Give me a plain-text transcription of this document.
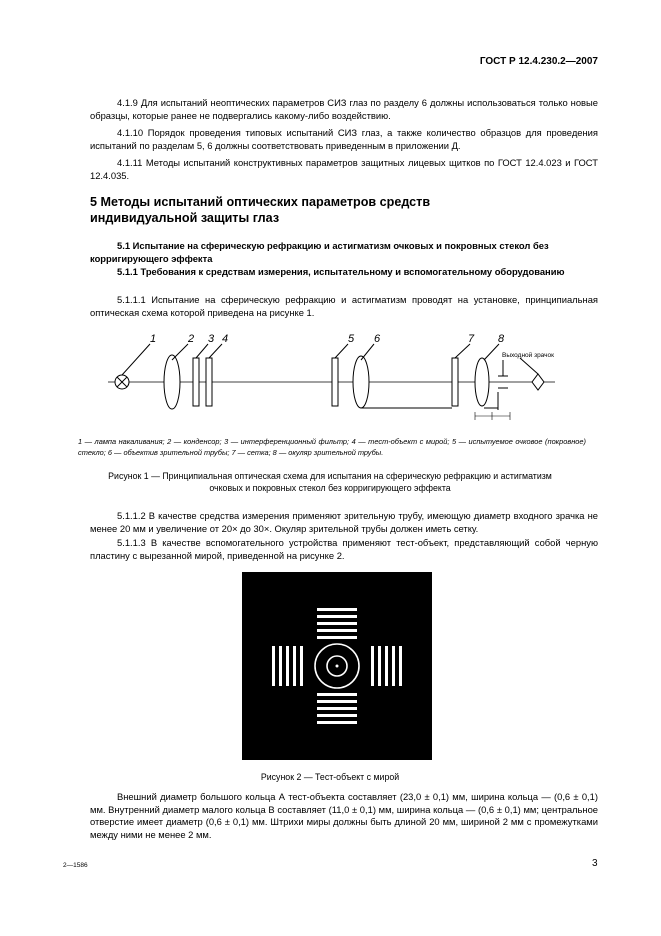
ГОСТ Р 12.4.230.2—2007
4.1.9 Для испытаний неоптических параметров СИЗ глаз по разделу 6 должны использоваться только новые образцы, которые ранее не подвергались какому-либо воздействию.
4.1.10 Порядок проведения типовых испытаний СИЗ глаз, а также количество образцов для проведения испытаний по разделам 5, 6 должны соответствовать приведенным в приложении Д.
4.1.11 Методы испытаний конструктивных параметров защитных лицевых щитков по ГОСТ 12.4.023 и ГОСТ 12.4.035.
5 Методы испытаний оптических параметров средств
индивидуальной защиты глаз
5.1 Испытание на сферическую рефракцию и астигматизм очковых и покровных стекол без корригирующего эффекта
5.1.1 Требования к средствам измерения, испытательному и вспомогательному оборудованию
5.1.1.1 Испытание на сферическую рефракцию и астигматизм проводят на установке, принципиальная оптическая схема которой приведена на рисунке 1.
1	2 3 4	5 6	7 8
Выходной зрачок
1 — лампа накаливания; 2 — конденсор; 3 — интерференционный фильтр; 4 — тест-объект с мирой; 5 — испытуемое очковое (покровное) стекло; 6 — объектив зрительной трубы; 7 — сетка; 8 — окуляр зрительной трубы.
Рисунок 1 — Принципиальная оптическая схема для испытания на сферическую рефракцию и астигматизм
очковых и покровных стекол без корригирующего эффекта
5.1.1.2 В качестве средства измерения применяют зрительную трубу, имеющую диаметр входного зрачка не менее 20 мм и увеличение от 20× до 30×. Окуляр зрительной трубы должен иметь сетку.
5.1.1.3 В качестве вспомогательного устройства применяют тест-объект, представляющий собой черную пластину с вырезанной мирой, приведенной на рисунке 2.
Рисунок 2 — Тест-объект с мирой
Внешний диаметр большого кольца А тест-объекта составляет (23,0 ± 0,1) мм, ширина кольца — (0,6 ± 0,1) мм. Внутренний диаметр малого кольца В составляет (11,0 ± 0,1) мм, ширина кольца — (0,6 ± 0,1) мм; центральное отверстие имеет диаметр (0,6 ± 0,1) мм. Штрихи миры должны быть длиной 20 мм, шириной 2 мм с промежутками между ними не менее 2 мм.
2—1586	3
